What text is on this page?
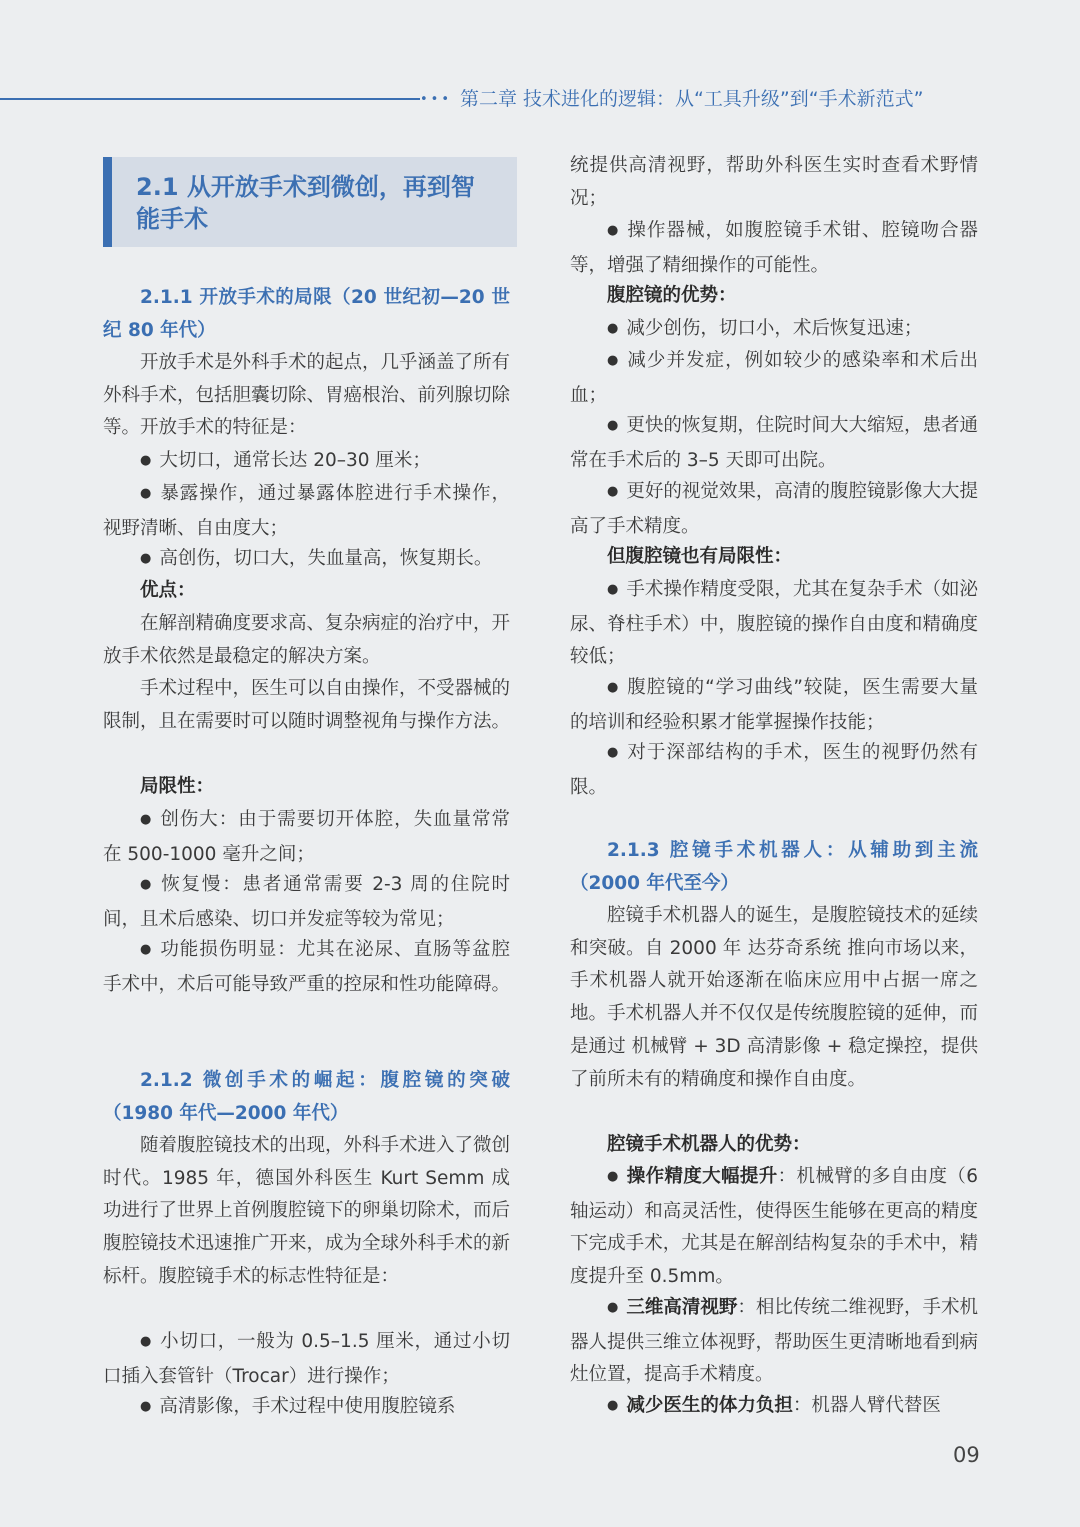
••• 第二章 技术进化的逻辑：从“工具升级”到“手术新范式”
2.1 从开放手术到微创，再到智能手术

2.1.1 开放手术的局限（20 世纪初—20 世纪 80 年代）

开放手术是外科手术的起点，几乎涵盖了所有外科手术，包括胆囊切除、胃癌根治、前列腺切除等。开放手术的特征是：

● 大切口，通常长达 20–30 厘米；

● 暴露操作，通过暴露体腔进行手术操作，视野清晰、自由度大；

● 高创伤，切口大，失血量高，恢复期长。

优点：

在解剖精确度要求高、复杂病症的治疗中，开放手术依然是最稳定的解决方案。

手术过程中，医生可以自由操作，不受器械的限制，且在需要时可以随时调整视角与操作方法。

局限性：

● 创伤大：由于需要切开体腔，失血量常常在 500-1000 毫升之间；

● 恢复慢：患者通常需要 2-3 周的住院时间，且术后感染、切口并发症等较为常见；

● 功能损伤明显：尤其在泌尿、直肠等盆腔手术中，术后可能导致严重的控尿和性功能障碍。

2.1.2 微创手术的崛起：腹腔镜的突破（1980 年代—2000 年代）

随着腹腔镜技术的出现，外科手术进入了微创时代。1985 年，德国外科医生 Kurt Semm 成功进行了世界上首例腹腔镜下的卵巢切除术，而后腹腔镜技术迅速推广开来，成为全球外科手术的新标杆。腹腔镜手术的标志性特征是：

● 小切口，一般为 0.5–1.5 厘米，通过小切口插入套管针（Trocar）进行操作；

● 高清影像，手术过程中使用腹腔镜系

统提供高清视野，帮助外科医生实时查看术野情况；

● 操作器械，如腹腔镜手术钳、腔镜吻合器等，增强了精细操作的可能性。

腹腔镜的优势：

● 减少创伤，切口小，术后恢复迅速；

● 减少并发症，例如较少的感染率和术后出血；

● 更快的恢复期，住院时间大大缩短，患者通常在手术后的 3–5 天即可出院。

● 更好的视觉效果，高清的腹腔镜影像大大提高了手术精度。

但腹腔镜也有局限性：

● 手术操作精度受限，尤其在复杂手术（如泌尿、脊柱手术）中，腹腔镜的操作自由度和精确度较低；

● 腹腔镜的“学习曲线”较陡，医生需要大量的培训和经验积累才能掌握操作技能；

● 对于深部结构的手术，医生的视野仍然有限。

2.1.3 腔镜手术机器人：从辅助到主流（2000 年代至今）

腔镜手术机器人的诞生，是腹腔镜技术的延续和突破。自 2000 年 达芬奇系统 推向市场以来，手术机器人就开始逐渐在临床应用中占据一席之地。手术机器人并不仅仅是传统腹腔镜的延伸，而是通过 机械臂 + 3D 高清影像 + 稳定操控，提供了前所未有的精确度和操作自由度。

腔镜手术机器人的优势：

● 操作精度大幅提升：机械臂的多自由度（6 轴运动）和高灵活性，使得医生能够在更高的精度下完成手术，尤其是在解剖结构复杂的手术中，精度提升至 0.5mm。

● 三维高清视野：相比传统二维视野，手术机器人提供三维立体视野，帮助医生更清晰地看到病灶位置，提高手术精度。

● 减少医生的体力负担：机器人臂代替医

09
